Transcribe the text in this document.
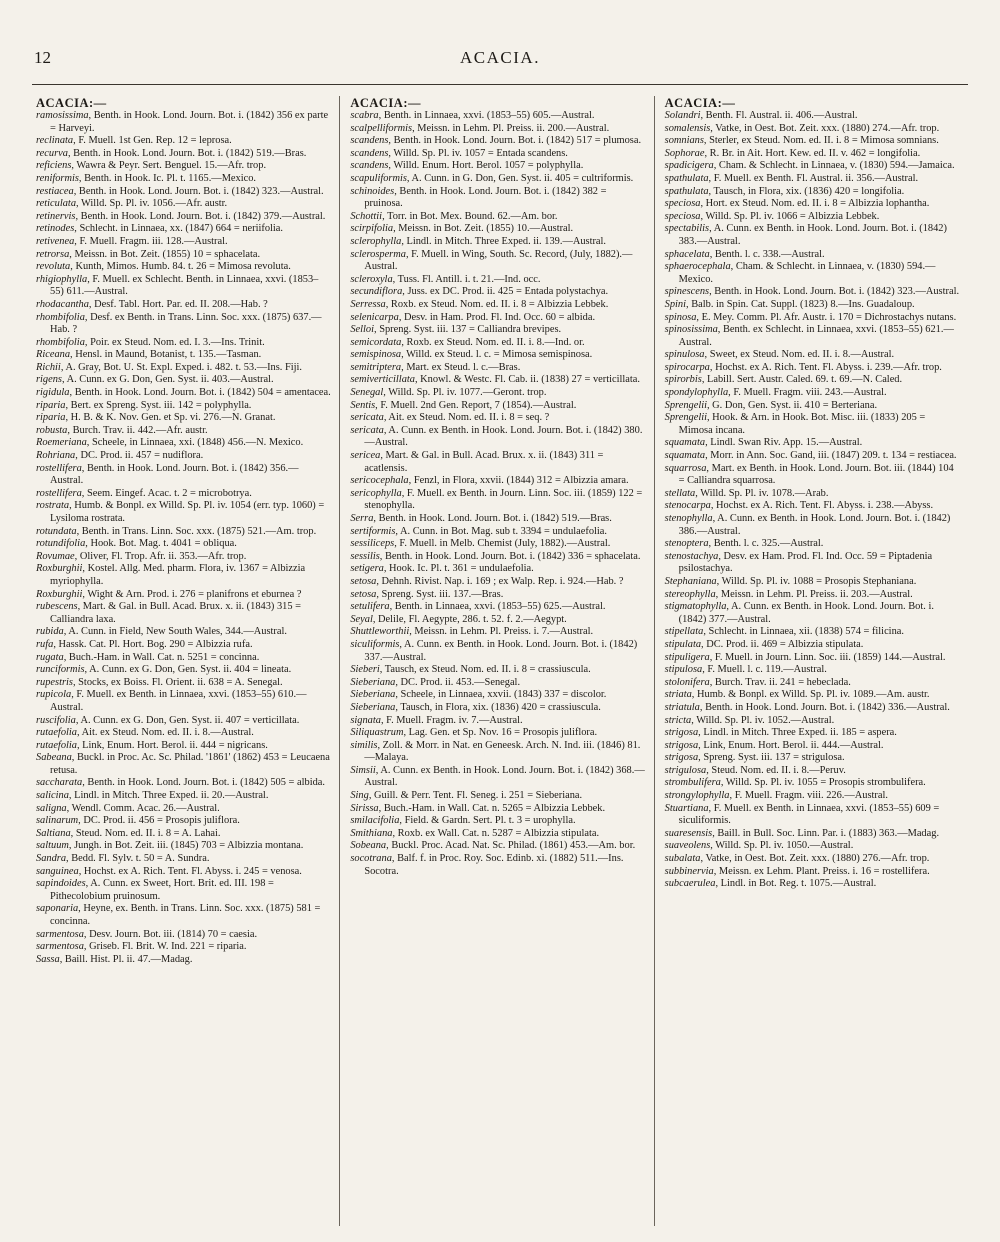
12	ACACIA.
ACACIA:—

ramosissima, Benth. in Hook. Lond. Journ. Bot. i. (1842) 356 ex parte = Harveyi.

reclinata, F. Muell. 1st Gen. Rep. 12 = leprosa.

recurva, Benth. in Hook. Lond. Journ. Bot. i. (1842) 519.—Bras.

reficiens, Wawra & Peyr. Sert. Benguel. 15.—Afr. trop.

reniformis, Benth. in Hook. Ic. Pl. t. 1165.—Mexico.

restiacea, Benth. in Hook. Lond. Journ. Bot. i. (1842) 323.—Austral.

reticulata, Willd. Sp. Pl. iv. 1056.—Afr. austr.

retinervis, Benth. in Hook. Lond. Journ. Bot. i. (1842) 379.—Austral.

retinodes, Schlecht. in Linnaea, xx. (1847) 664 = neriifolia.

retivenea, F. Muell. Fragm. iii. 128.—Austral.

retrorsa, Meissn. in Bot. Zeit. (1855) 10 = sphacelata.

revoluta, Kunth, Mimos. Humb. 84. t. 26 = Mimosa revoluta.

rhigiophylla, F. Muell. ex Schlecht. Benth. in Linnaea, xxvi. (1853–55) 611.—Austral.

rhodacantha, Desf. Tabl. Hort. Par. ed. II. 208.—Hab. ?

rhombifolia, Desf. ex Benth. in Trans. Linn. Soc. xxx. (1875) 637.—Hab. ?

rhombifolia, Poir. ex Steud. Nom. ed. I. 3.—Ins. Trinit.

Riceana, Hensl. in Maund, Botanist, t. 135.—Tasman.

Richii, A. Gray, Bot. U. St. Expl. Exped. i. 482. t. 53.—Ins. Fiji.

rigens, A. Cunn. ex G. Don, Gen. Syst. ii. 403.—Austral.

rigidula, Benth. in Hook. Lond. Journ. Bot. i. (1842) 504 = amentacea.

riparia, Bert. ex Spreng. Syst. iii. 142 = polyphylla.

riparia, H. B. & K. Nov. Gen. et Sp. vi. 276.—N. Granat.

robusta, Burch. Trav. ii. 442.—Afr. austr.

Roemeriana, Scheele, in Linnaea, xxi. (1848) 456.—N. Mexico.

Rohriana, DC. Prod. ii. 457 = nudiflora.

rostellifera, Benth. in Hook. Lond. Journ. Bot. i. (1842) 356.—Austral.

rostellifera, Seem. Eingef. Acac. t. 2 = microbotrya.

rostrata, Humb. & Bonpl. ex Willd. Sp. Pl. iv. 1054 (err. typ. 1060) = Lysiloma rostrata.

rotundata, Benth. in Trans. Linn. Soc. xxx. (1875) 521.—Am. trop.

rotundifolia, Hook. Bot. Mag. t. 4041 = obliqua.

Rovumae, Oliver, Fl. Trop. Afr. ii. 353.—Afr. trop.

Roxburghii, Kostel. Allg. Med. pharm. Flora, iv. 1367 = Albizzia myriophylla.

Roxburghii, Wight & Arn. Prod. i. 276 = planifrons et eburnea ?

rubescens, Mart. & Gal. in Bull. Acad. Brux. x. ii. (1843) 315 = Calliandra laxa.

rubida, A. Cunn. in Field, New South Wales, 344.—Austral.

rufa, Hassk. Cat. Pl. Hort. Bog. 290 = Albizzia rufa.

rugata, Buch.-Ham. in Wall. Cat. n. 5251 = concinna.

runciformis, A. Cunn. ex G. Don, Gen. Syst. ii. 404 = lineata.

rupestris, Stocks, ex Boiss. Fl. Orient. ii. 638 = A. Senegal.

rupicola, F. Muell. ex Benth. in Linnaea, xxvi. (1853–55) 610.—Austral.

ruscifolia, A. Cunn. ex G. Don, Gen. Syst. ii. 407 = verticillata.

rutaefolia, Ait. ex Steud. Nom. ed. II. i. 8.—Austral.

rutaefolia, Link, Enum. Hort. Berol. ii. 444 = nigricans.

Sabeana, Buckl. in Proc. Ac. Sc. Philad. '1861' (1862) 453 = Leucaena retusa.

saccharata, Benth. in Hook. Lond. Journ. Bot. i. (1842) 505 = albida.

salicina, Lindl. in Mitch. Three Exped. ii. 20.—Austral.

saligna, Wendl. Comm. Acac. 26.—Austral.

salinarum, DC. Prod. ii. 456 = Prosopis juliflora.

Saltiana, Steud. Nom. ed. II. i. 8 = A. Lahai.

saltuum, Jungh. in Bot. Zeit. iii. (1845) 703 = Albizzia montana.

Sandra, Bedd. Fl. Sylv. t. 50 = A. Sundra.

sanguinea, Hochst. ex A. Rich. Tent. Fl. Abyss. i. 245 = venosa.

sapindoides, A. Cunn. ex Sweet, Hort. Brit. ed. III. 198 = Pithecolobium pruinosum.

saponaria, Heyne, ex. Benth. in Trans. Linn. Soc. xxx. (1875) 581 = concinna.

sarmentosa, Desv. Journ. Bot. iii. (1814) 70 = caesia.

sarmentosa, Griseb. Fl. Brit. W. Ind. 221 = riparia.

Sassa, Baill. Hist. Pl. ii. 47.—Madag.

ACACIA:—

scabra, Benth. in Linnaea, xxvi. (1853–55) 605.—Austral.

scalpelliformis, Meissn. in Lehm. Pl. Preiss. ii. 200.—Austral.

scandens, Benth. in Hook. Lond. Journ. Bot. i. (1842) 517 = plumosa.

scandens, Willd. Sp. Pl. iv. 1057 = Entada scandens.

scandens, Willd. Enum. Hort. Berol. 1057 = polyphylla.

scapuliformis, A. Cunn. in G. Don, Gen. Syst. ii. 405 = cultriformis.

schinoides, Benth. in Hook. Lond. Journ. Bot. i. (1842) 382 = pruinosa.

Schottii, Torr. in Bot. Mex. Bound. 62.—Am. bor.

scirpifolia, Meissn. in Bot. Zeit. (1855) 10.—Austral.

sclerophylla, Lindl. in Mitch. Three Exped. ii. 139.—Austral.

sclerosperma, F. Muell. in Wing, South. Sc. Record, (July, 1882).—Austral.

scleroxyla, Tuss. Fl. Antill. i. t. 21.—Ind. occ.

secundiflora, Juss. ex DC. Prod. ii. 425 = Entada polystachya.

Serressa, Roxb. ex Steud. Nom. ed. II. i. 8 = Albizzia Lebbek.

selenicarpa, Desv. in Ham. Prod. Fl. Ind. Occ. 60 = albida.

Selloi, Spreng. Syst. iii. 137 = Calliandra brevipes.

semicordata, Roxb. ex Steud. Nom. ed. II. i. 8.—Ind. or.

semispinosa, Willd. ex Steud. l. c. = Mimosa semispinosa.

semitriptera, Mart. ex Steud. l. c.—Bras.

semiverticillata, Knowl. & Westc. Fl. Cab. ii. (1838) 27 = verticillata.

Senegal, Willd. Sp. Pl. iv. 1077.—Geront. trop.

Sentis, F. Muell. 2nd Gen. Report, 7 (1854).—Austral.

sericata, Ait. ex Steud. Nom. ed. II. i. 8 = seq. ?

sericata, A. Cunn. ex Benth. in Hook. Lond. Journ. Bot. i. (1842) 380.—Austral.

sericea, Mart. & Gal. in Bull. Acad. Brux. x. ii. (1843) 311 = acatlensis.

sericocephala, Fenzl, in Flora, xxvii. (1844) 312 = Albizzia amara.

sericophylla, F. Muell. ex Benth. in Journ. Linn. Soc. iii. (1859) 122 = stenophylla.

Serra, Benth. in Hook. Lond. Journ. Bot. i. (1842) 519.—Bras.

sertiformis, A. Cunn. in Bot. Mag. sub t. 3394 = undulaefolia.

sessiliceps, F. Muell. in Melb. Chemist (July, 1882).—Austral.

sessilis, Benth. in Hook. Lond. Journ. Bot. i. (1842) 336 = sphacelata.

setigera, Hook. Ic. Pl. t. 361 = undulaefolia.

setosa, Dehnh. Rivist. Nap. i. 169 ; ex Walp. Rep. i. 924.—Hab. ?

setosa, Spreng. Syst. iii. 137.—Bras.

setulifera, Benth. in Linnaea, xxvi. (1853–55) 625.—Austral.

Seyal, Delile, Fl. Aegypte, 286. t. 52. f. 2.—Aegypt.

Shuttleworthii, Meissn. in Lehm. Pl. Preiss. i. 7.—Austral.

siculiformis, A. Cunn. ex Benth. in Hook. Lond. Journ. Bot. i. (1842) 337.—Austral.

Sieberi, Tausch, ex Steud. Nom. ed. II. i. 8 = crassiuscula.

Sieberiana, DC. Prod. ii. 453.—Senegal.

Sieberiana, Scheele, in Linnaea, xxvii. (1843) 337 = discolor.

Sieberiana, Tausch, in Flora, xix. (1836) 420 = crassiuscula.

signata, F. Muell. Fragm. iv. 7.—Austral.

Siliquastrum, Lag. Gen. et Sp. Nov. 16 = Prosopis juliflora.

similis, Zoll. & Morr. in Nat. en Geneesk. Arch. N. Ind. iii. (1846) 81.—Malaya.

Simsii, A. Cunn. ex Benth. in Hook. Lond. Journ. Bot. i. (1842) 368.—Austral.

Sing, Guill. & Perr. Tent. Fl. Seneg. i. 251 = Sieberiana.

Sirissa, Buch.-Ham. in Wall. Cat. n. 5265 = Albizzia Lebbek.

smilacifolia, Field. & Gardn. Sert. Pl. t. 3 = urophylla.

Smithiana, Roxb. ex Wall. Cat. n. 5287 = Albizzia stipulata.

Sobeana, Buckl. Proc. Acad. Nat. Sc. Philad. (1861) 453.—Am. bor.

socotrana, Balf. f. in Proc. Roy. Soc. Edinb. xi. (1882) 511.—Ins. Socotra.

ACACIA:—

Solandri, Benth. Fl. Austral. ii. 406.—Austral.

somalensis, Vatke, in Oest. Bot. Zeit. xxx. (1880) 274.—Afr. trop.

somnians, Sterler, ex Steud. Nom. ed. II. i. 8 = Mimosa somnians.

Sophorae, R. Br. in Ait. Hort. Kew. ed. II. v. 462 = longifolia.

spadicigera, Cham. & Schlecht. in Linnaea, v. (1830) 594.—Jamaica.

spathulata, F. Muell. ex Benth. Fl. Austral. ii. 356.—Austral.

spathulata, Tausch, in Flora, xix. (1836) 420 = longifolia.

speciosa, Hort. ex Steud. Nom. ed. II. i. 8 = Albizzia lophantha.

speciosa, Willd. Sp. Pl. iv. 1066 = Albizzia Lebbek.

spectabilis, A. Cunn. ex Benth. in Hook. Lond. Journ. Bot. i. (1842) 383.—Austral.

sphacelata, Benth. l. c. 338.—Austral.

sphaerocephala, Cham. & Schlecht. in Linnaea, v. (1830) 594.—Mexico.

spinescens, Benth. in Hook. Lond. Journ. Bot. i. (1842) 323.—Austral.

Spini, Balb. in Spin. Cat. Suppl. (1823) 8.—Ins. Guadaloup.

spinosa, E. Mey. Comm. Pl. Afr. Austr. i. 170 = Dichrostachys nutans.

spinosissima, Benth. ex Schlecht. in Linnaea, xxvi. (1853–55) 621.—Austral.

spinulosa, Sweet, ex Steud. Nom. ed. II. i. 8.—Austral.

spirocarpa, Hochst. ex A. Rich. Tent. Fl. Abyss. i. 239.—Afr. trop.

spirorbis, Labill. Sert. Austr. Caled. 69. t. 69.—N. Caled.

spondylophylla, F. Muell. Fragm. viii. 243.—Austral.

Sprengelii, G. Don, Gen. Syst. ii. 410 = Berteriana.

Sprengelii, Hook. & Arn. in Hook. Bot. Misc. iii. (1833) 205 = Mimosa incana.

squamata, Lindl. Swan Riv. App. 15.—Austral.

squamata, Morr. in Ann. Soc. Gand, iii. (1847) 209. t. 134 = restiacea.

squarrosa, Mart. ex Benth. in Hook. Lond. Journ. Bot. iii. (1844) 104 = Calliandra squarrosa.

stellata, Willd. Sp. Pl. iv. 1078.—Arab.

stenocarpa, Hochst. ex A. Rich. Tent. Fl. Abyss. i. 238.—Abyss.

stenophylla, A. Cunn. ex Benth. in Hook. Lond. Journ. Bot. i. (1842) 386.—Austral.

stenoptera, Benth. l. c. 325.—Austral.

stenostachya, Desv. ex Ham. Prod. Fl. Ind. Occ. 59 = Piptadenia psilostachya.

Stephaniana, Willd. Sp. Pl. iv. 1088 = Prosopis Stephaniana.

stereophylla, Meissn. in Lehm. Pl. Preiss. ii. 203.—Austral.

stigmatophylla, A. Cunn. ex Benth. in Hook. Lond. Journ. Bot. i. (1842) 377.—Austral.

stipellata, Schlecht. in Linnaea, xii. (1838) 574 = filicina.

stipulata, DC. Prod. ii. 469 = Albizzia stipulata.

stipuligera, F. Muell. in Journ. Linn. Soc. iii. (1859) 144.—Austral.

stipulosa, F. Muell. l. c. 119.—Austral.

stolonifera, Burch. Trav. ii. 241 = hebeclada.

striata, Humb. & Bonpl. ex Willd. Sp. Pl. iv. 1089.—Am. austr.

striatula, Benth. in Hook. Lond. Journ. Bot. i. (1842) 336.—Austral.

stricta, Willd. Sp. Pl. iv. 1052.—Austral.

strigosa, Lindl. in Mitch. Three Exped. ii. 185 = aspera.

strigosa, Link, Enum. Hort. Berol. ii. 444.—Austral.

strigosa, Spreng. Syst. iii. 137 = strigulosa.

strigulosa, Steud. Nom. ed. II. i. 8.—Peruv.

strombulifera, Willd. Sp. Pl. iv. 1055 = Prosopis strombulifera.

strongylophylla, F. Muell. Fragm. viii. 226.—Austral.

Stuartiana, F. Muell. ex Benth. in Linnaea, xxvi. (1853–55) 609 = siculiformis.

suaresensis, Baill. in Bull. Soc. Linn. Par. i. (1883) 363.—Madag.

suaveolens, Willd. Sp. Pl. iv. 1050.—Austral.

subalata, Vatke, in Oest. Bot. Zeit. xxx. (1880) 276.—Afr. trop.

subbinervia, Meissn. ex Lehm. Plant. Preiss. i. 16 = rostellifera.

subcaerulea, Lindl. in Bot. Reg. t. 1075.—Austral.
